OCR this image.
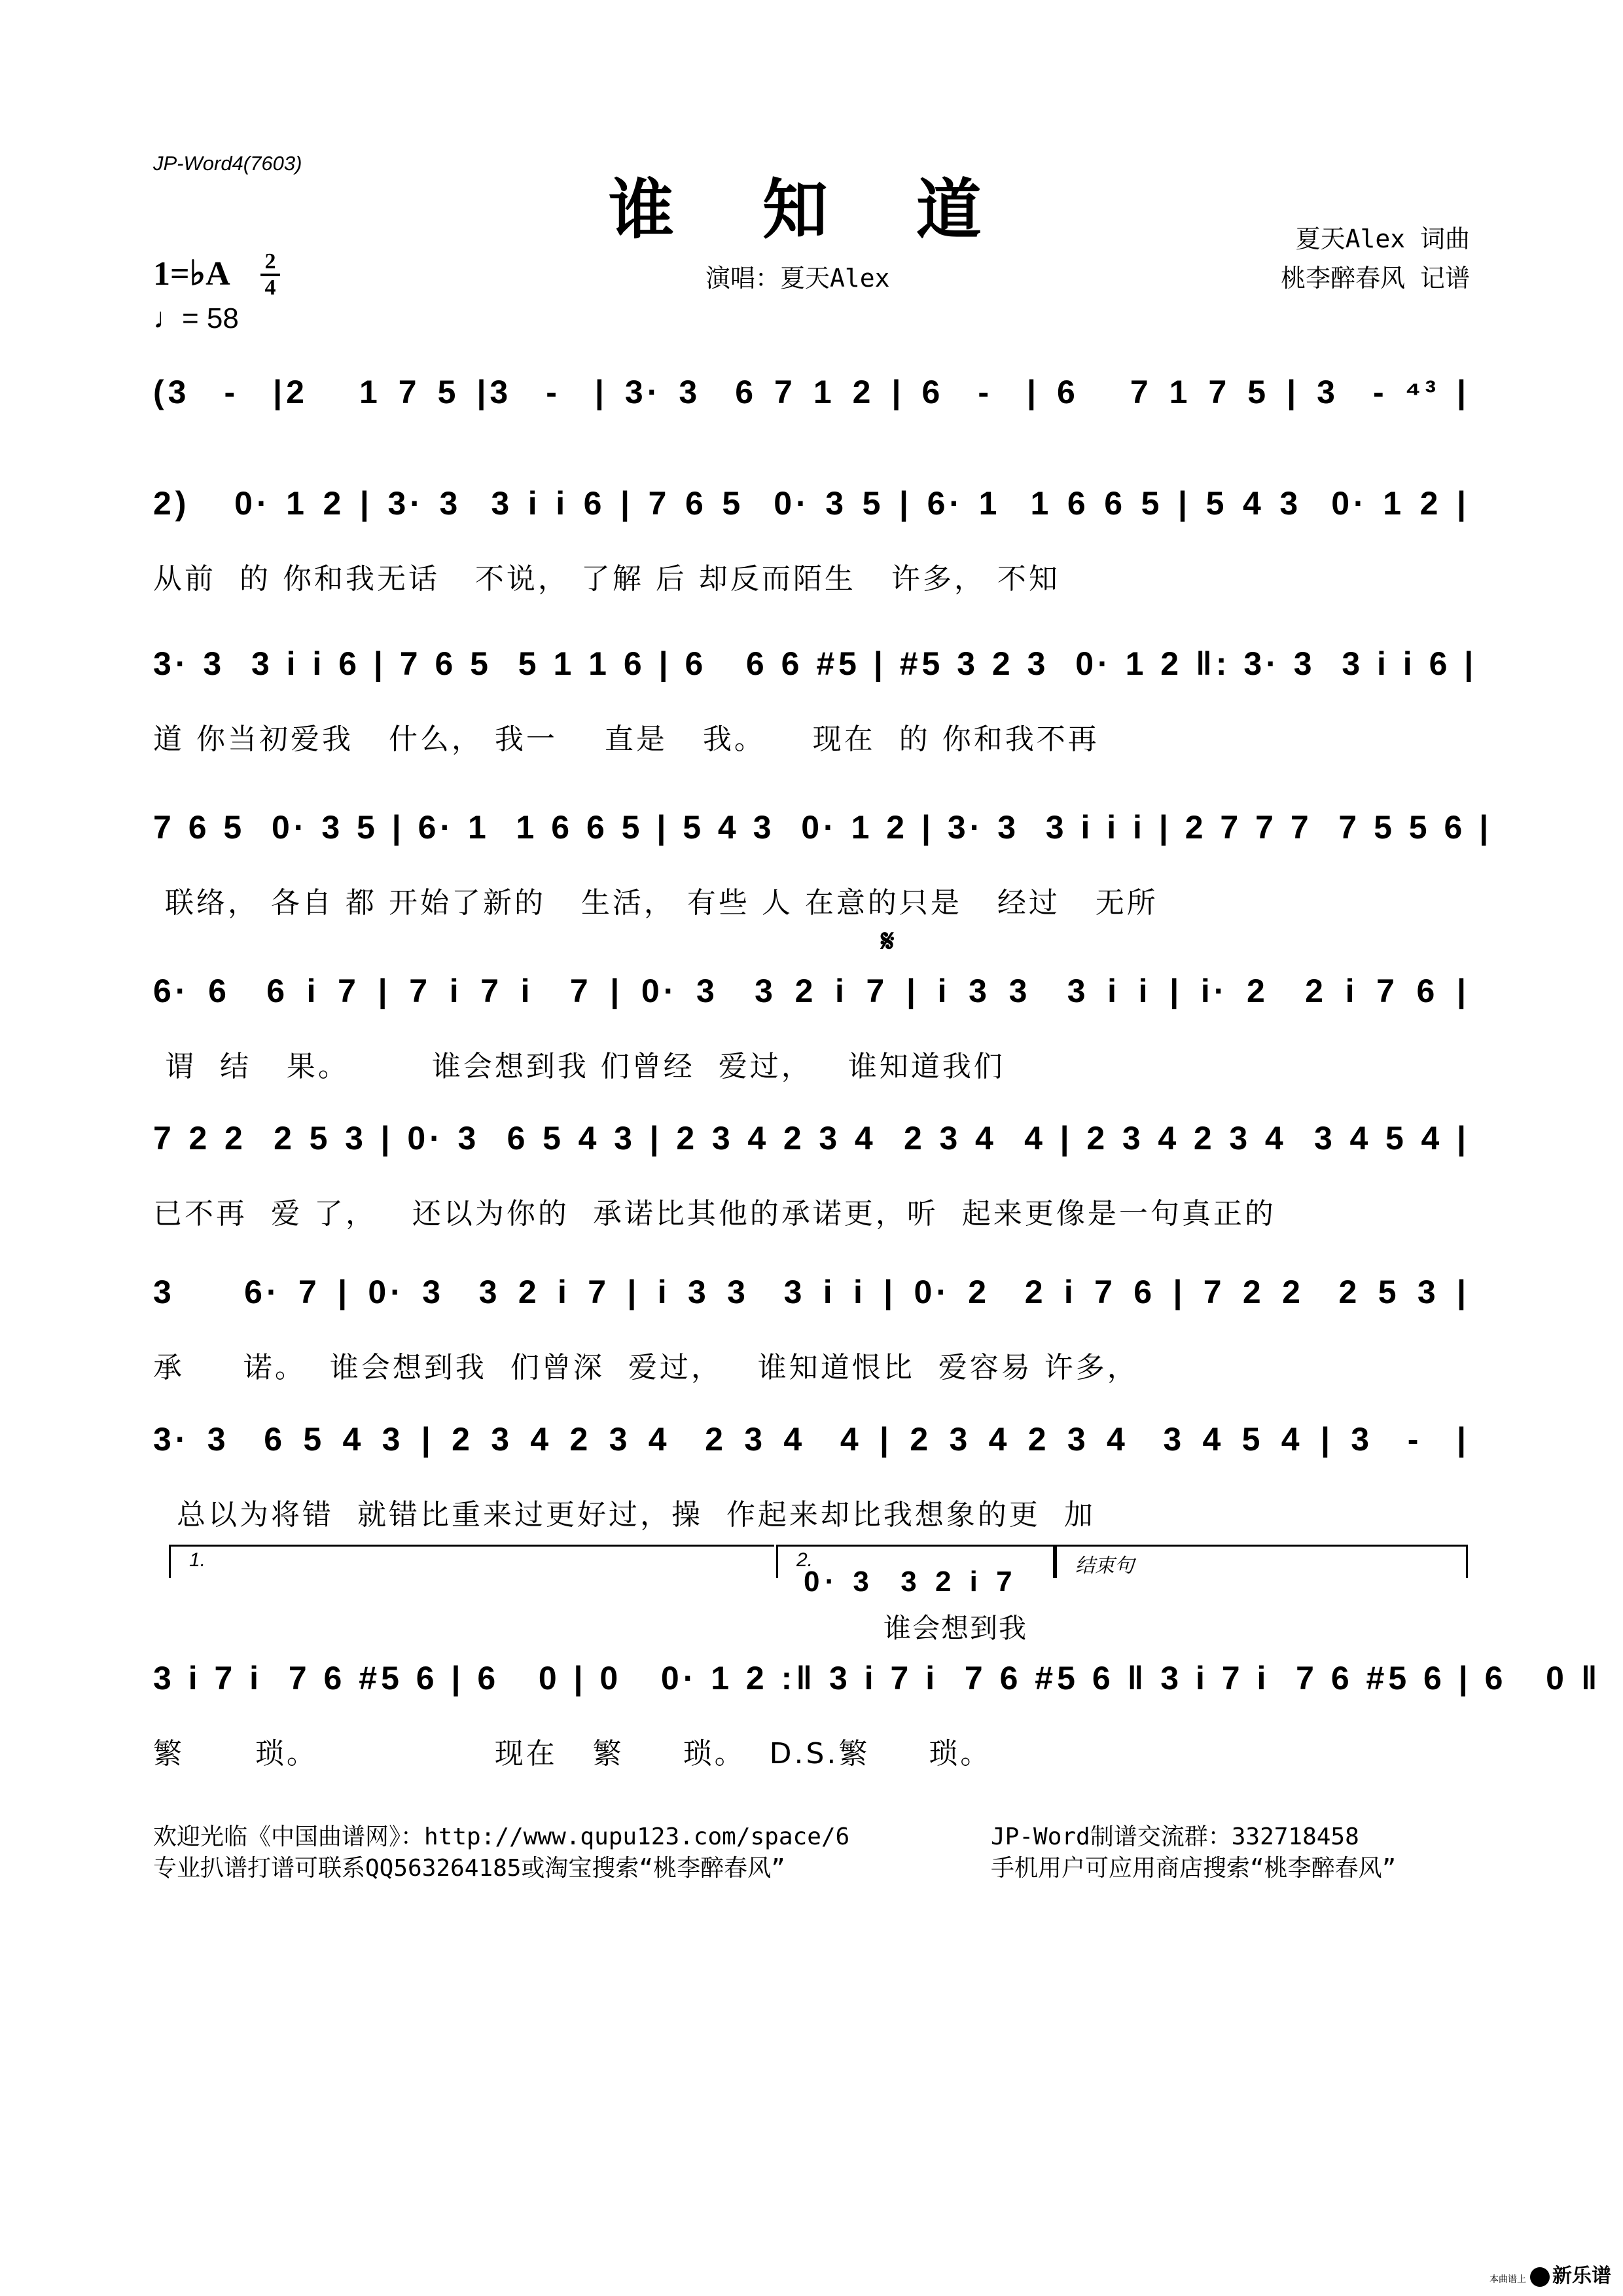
JP-Word4(7603)
谁 知 道	夏天Alex 词曲
桃李醉春风 记谱
演唱：夏天Alex
1=♭A 2
4
♩= 58
𝄋
(3  -  |2   1 7 5 |3  -  | 3· 3  6 7 1 2 | 6  -  | 6   7 1 7 5 | 3  - ⁴³ |
2)   0· 1 2 | 3· 3  3 i i 6 | 7 6 5  0· 3 5 | 6· 1  1 6 6 5 | 5 4 3  0· 1 2 |
从前  的 你和我无话   不说， 了解 后 却反而陌生   许多， 不知
3· 3  3 i i 6 | 7 6 5  5 1 1 6 | 6   6 6 #5 | #5 3 2 3  0· 1 2 ‖: 3· 3  3 i i 6 |
道 你当初爱我   什么， 我一    直是   我。    现在  的 你和我不再
7 6 5  0· 3 5 | 6· 1  1 6 6 5 | 5 4 3  0· 1 2 | 3· 3  3 i i i | 2 7 7 7  7 5 5 6 |
联络， 各自 都 开始了新的   生活， 有些 人 在意的只是   经过   无所
6· 6  6 i 7 | 7 i 7 i  7 | 0· 3  3 2 i 7 | i 3 3  3 i i | i· 2  2 i 7 6 |
谓  结   果。       谁会想到我 们曾经  爱过，   谁知道我们
7 2 2  2 5 3 | 0· 3  6 5 4 3 | 2 3 4 2 3 4  2 3 4  4 | 2 3 4 2 3 4  3 4 5 4 |
已不再  爱 了，   还以为你的  承诺比其他的承诺更，听  起来更像是一句真正的
3    6· 7 | 0· 3  3 2 i 7 | i 3 3  3 i i | 0· 2  2 i 7 6 | 7 2 2  2 5 3 |
承     诺。  谁会想到我  们曾深  爱过，   谁知道恨比  爱容易 许多，
3· 3  6 5 4 3 | 2 3 4 2 3 4  2 3 4  4 | 2 3 4 2 3 4  3 4 5 4 | 3  -  |
总以为将错  就错比重来过更好过，操  作起来却比我想象的更  加
1.	2.	结束句
0· 3  3 2 i 7
谁会想到我
3 i 7 i  7 6 #5 6 | 6   0 | 0   0· 1 2 :‖ 3 i 7 i  7 6 #5 6 ‖ 3 i 7 i  7 6 #5 6 | 6   0 ‖
繁      琐。               现在   繁     琐。  D.S.繁     琐。
欢迎光临《中国曲谱网》：http://www.qupu123.com/space/6
专业扒谱打谱可联系QQ563264185或淘宝搜索“桃李醉春风”
JP-Word制谱交流群：332718458
手机用户可应用商店搜索“桃李醉春风”
本曲谱上 新乐谱
